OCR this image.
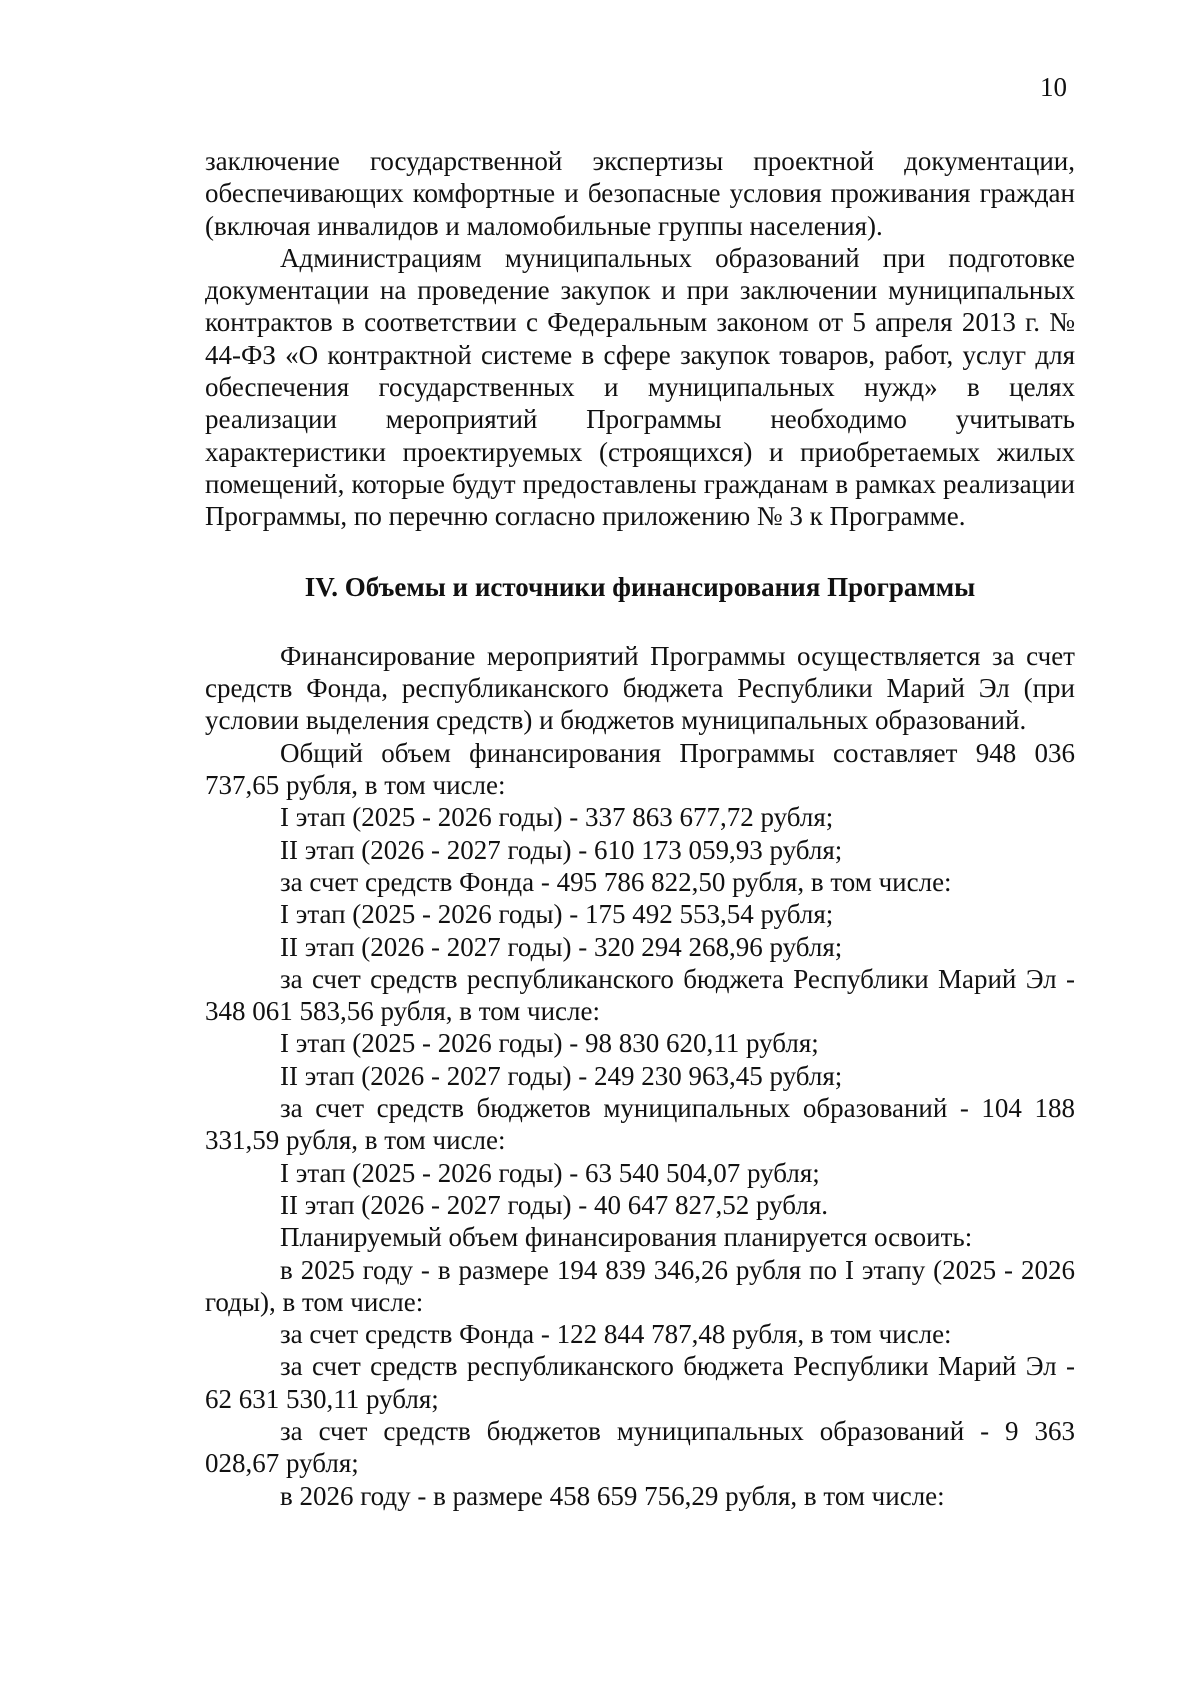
10

заключение государственной экспертизы проектной документации, обеспечивающих комфортные и безопасные условия проживания граждан (включая инвалидов и маломобильные группы населения).

Администрациям муниципальных образований при подготовке документации на проведение закупок и при заключении муниципальных контрактов в соответствии с Федеральным законом от 5 апреля 2013 г. № 44-ФЗ «О контрактной системе в сфере закупок товаров, работ, услуг для обеспечения государственных и муниципальных нужд» в целях реализации мероприятий Программы необходимо учитывать характеристики проектируемых (строящихся) и приобретаемых жилых помещений, которые будут предоставлены гражданам в рамках реализации Программы, по перечню согласно приложению № 3 к Программе.

IV. Объемы и источники финансирования Программы

Финансирование мероприятий Программы осуществляется за счет средств Фонда, республиканского бюджета Республики Марий Эл (при условии выделения средств) и бюджетов муниципальных образований.

Общий объем финансирования Программы составляет 948 036 737,65 рубля, в том числе:

I этап (2025 - 2026 годы) - 337 863 677,72 рубля;

II этап (2026 - 2027 годы) - 610 173 059,93 рубля;

за счет средств Фонда - 495 786 822,50 рубля, в том числе:

I этап (2025 - 2026 годы) - 175 492 553,54 рубля;

II этап (2026 - 2027 годы) - 320 294 268,96 рубля;

за счет средств республиканского бюджета Республики Марий Эл - 348 061 583,56 рубля, в том числе:

I этап (2025 - 2026 годы) - 98 830 620,11 рубля;

II этап (2026 - 2027 годы) - 249 230 963,45 рубля;

за счет средств бюджетов муниципальных образований - 104 188 331,59 рубля, в том числе:

I этап (2025 - 2026 годы) - 63 540 504,07 рубля;

II этап (2026 - 2027 годы) - 40 647 827,52 рубля.

Планируемый объем финансирования планируется освоить:

в 2025 году - в размере 194 839 346,26 рубля по I этапу (2025 - 2026 годы), в том числе:

за счет средств Фонда - 122 844 787,48 рубля, в том числе:

за счет средств республиканского бюджета Республики Марий Эл - 62 631 530,11 рубля;

за счет средств бюджетов муниципальных образований - 9 363 028,67 рубля;

в 2026 году - в размере 458 659 756,29 рубля, в том числе:
